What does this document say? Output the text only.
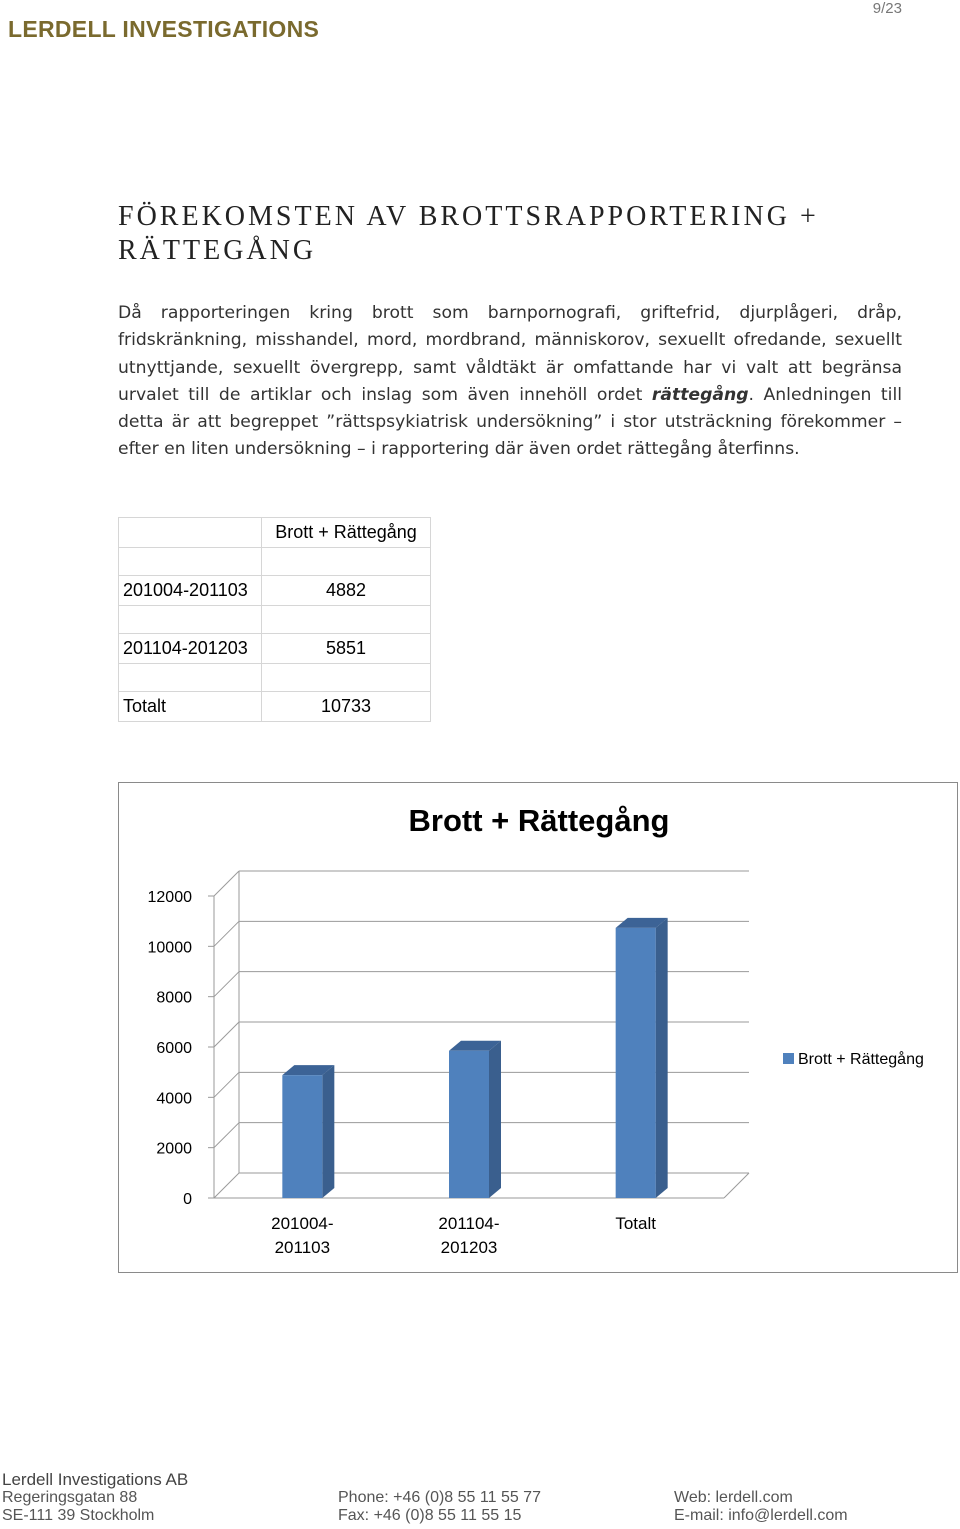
LERDELL INVESTIGATIONS
9/23
FÖREKOMSTEN AV BROTTSRAPPORTERING +
RÄTTEGÅNG

Då rapporteringen kring brott som barnpornografi, griftefrid, djurplågeri, dråp, fridskränkning, misshandel, mord, mordbrand, människorov, sexuellt ofredande, sexuellt utnyttjande, sexuellt övergrepp, samt våldtäkt är omfattande har vi valt att begränsa urvalet till de artiklar och inslag som även innehöll ordet rättegång. Anledningen till detta är att begreppet ”rättspsykiatrisk undersökning” i stor utsträckning förekommer – efter en liten undersökning – i rapportering där även ordet rättegång återfinns.

	Brott + Rättegång

201004-201103	4882

201104-201203	5851

Totalt	10733
Brott + Rättegång
0
2000
4000
6000
8000
10000
12000
201004-
201103
201104-
201203
Totalt
Brott + Rättegång
Lerdell Investigations AB
Regeringsgatan 88
SE-111 39 Stockholm
Phone: +46 (0)8 55 11 55 77
Fax: +46 (0)8 55 11 55 15
Web: lerdell.com
E-mail: info@lerdell.com
